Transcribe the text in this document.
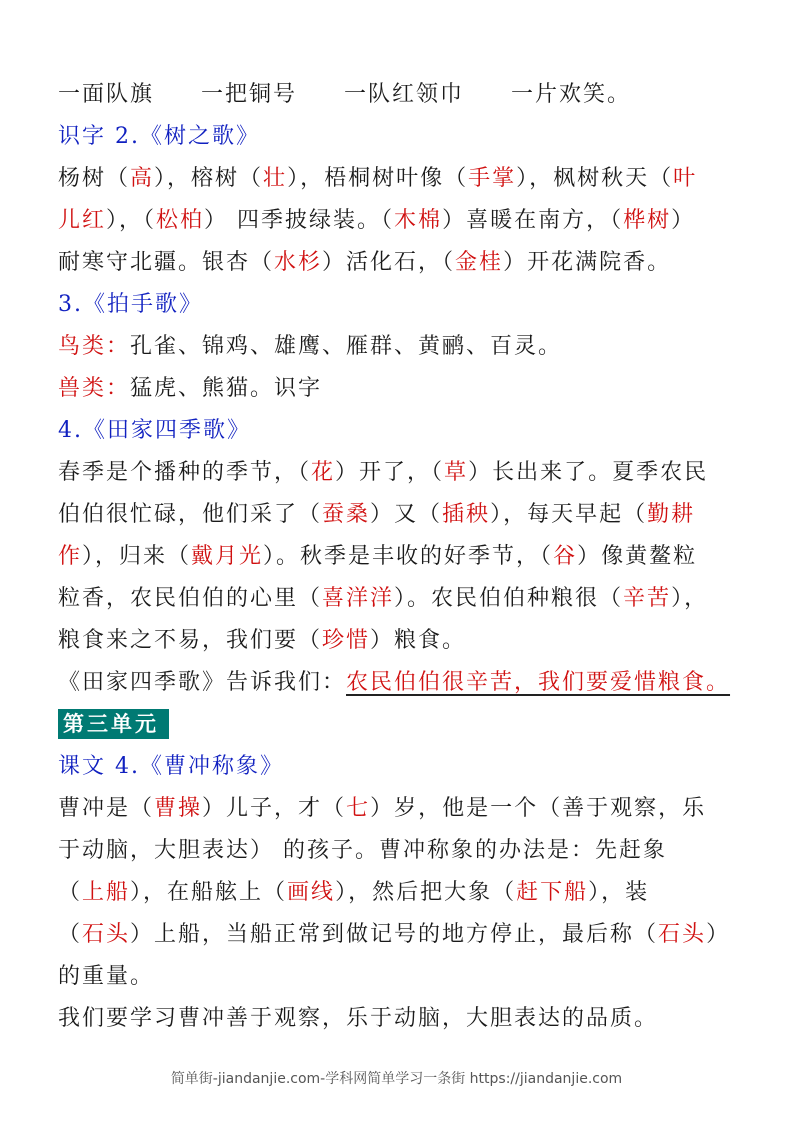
一面队旗 一把铜号 一队红领巾 一片欢笑。
识字 2.《树之歌》
杨树（高），榕树（壮），梧桐树叶像（手掌），枫树秋天（叶
儿红），（松柏） 四季披绿装。（木棉）喜暖在南方，（桦树）
耐寒守北疆。银杏（水杉）活化石，（金桂）开花满院香。
3.《拍手歌》
鸟类：孔雀、锦鸡、雄鹰、雁群、黄鹂、百灵。
兽类：猛虎、熊猫。识字
4.《田家四季歌》
春季是个播种的季节，（花）开了，（草）长出来了。夏季农民
伯伯很忙碌，他们采了（蚕桑）又（插秧），每天早起（勤耕
作），归来（戴月光）。秋季是丰收的好季节，（谷）像黄鳌粒
粒香，农民伯伯的心里（喜洋洋）。农民伯伯种粮很（辛苦），
粮食来之不易，我们要（珍惜）粮食。
《田家四季歌》告诉我们：农民伯伯很辛苦，我们要爱惜粮食。
第三单元
课文 4.《曹冲称象》
曹冲是（曹操）儿子，才（七）岁，他是一个（善于观察，乐
于动脑，大胆表达） 的孩子。曹冲称象的办法是：先赶象
（上船），在船舷上（画线），然后把大象（赶下船），装
（石头）上船，当船正常到做记号的地方停止，最后称（石头）
的重量。
我们要学习曹冲善于观察，乐于动脑，大胆表达的品质。
简单街-jiandanjie.com-学科网简单学习一条街 https://jiandanjie.com
